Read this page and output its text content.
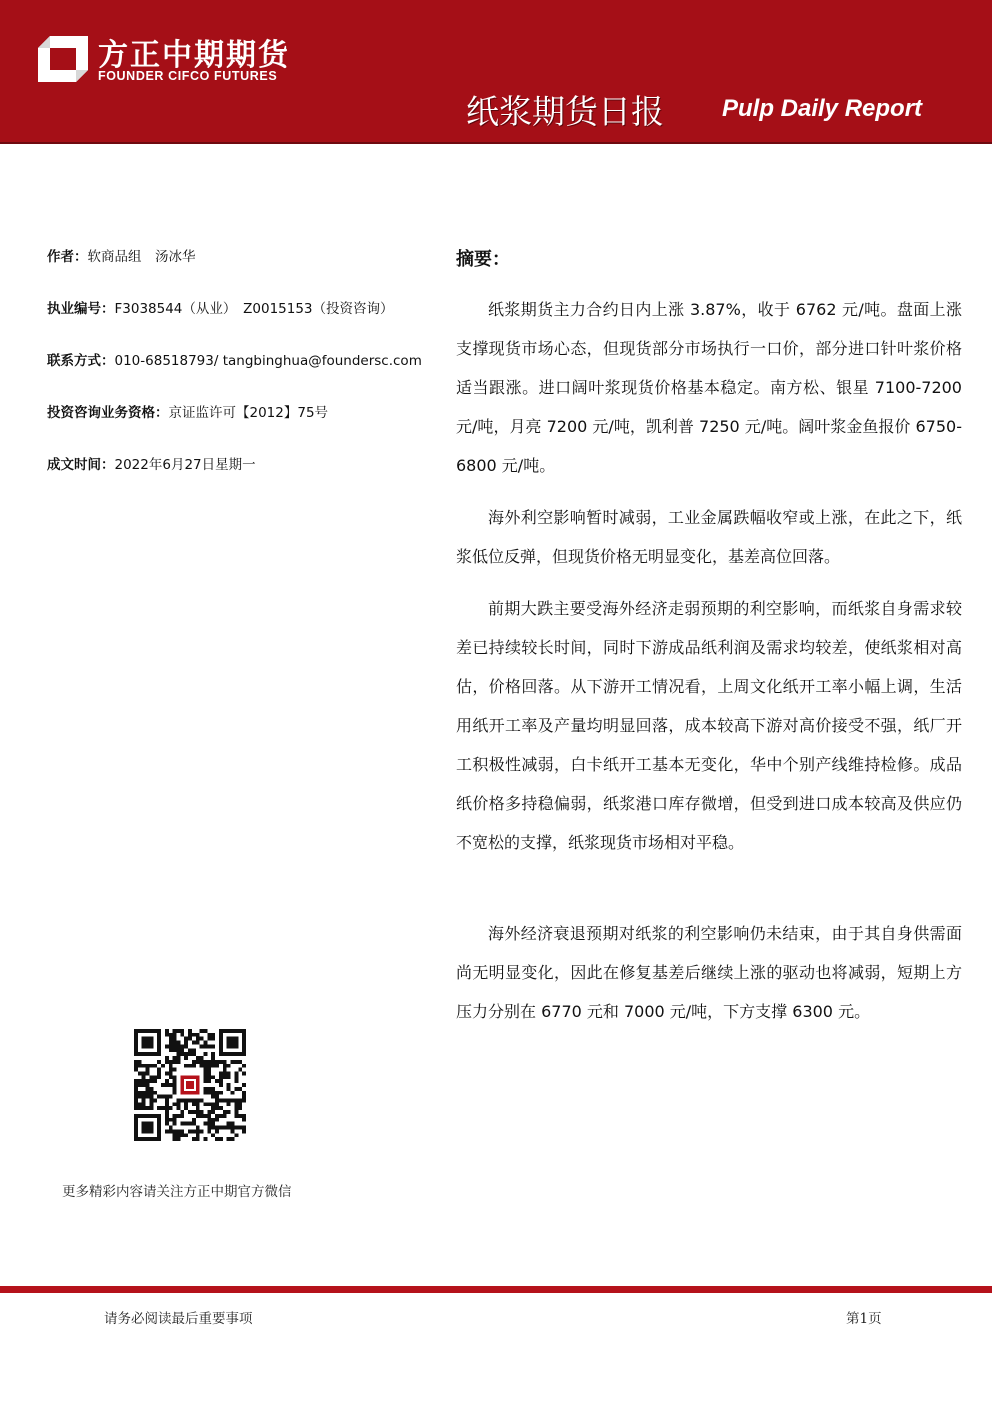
方正中期期货
FOUNDER CIFCO FUTURES
纸浆期货日报 Pulp Daily Report
作者：软商品组　汤冰华
执业编号：F3038544（从业）　Z0015153（投资咨询）
联系方式：010-68518793/ tangbinghua@foundersc.com
投资咨询业务资格：京证监许可【2012】75号
成文时间：2022年6月27日星期一
摘要：

纸浆期货主力合约日内上涨 3.87%，收于 6762 元/吨。盘面上涨支撑现货市场心态，但现货部分市场执行一口价，部分进口针叶浆价格适当跟涨。进口阔叶浆现货价格基本稳定。南方松、银星 7100-7200 元/吨，月亮 7200 元/吨，凯利普 7250 元/吨。阔叶浆金鱼报价 6750-6800 元/吨。

海外利空影响暂时减弱，工业金属跌幅收窄或上涨，在此之下，纸浆低位反弹，但现货价格无明显变化，基差高位回落。

前期大跌主要受海外经济走弱预期的利空影响，而纸浆自身需求较差已持续较长时间，同时下游成品纸利润及需求均较差，使纸浆相对高估，价格回落。从下游开工情况看，上周文化纸开工率小幅上调，生活用纸开工率及产量均明显回落，成本较高下游对高价接受不强，纸厂开工积极性减弱，白卡纸开工基本无变化，华中个别产线维持检修。成品纸价格多持稳偏弱，纸浆港口库存微增，但受到进口成本较高及供应仍不宽松的支撑，纸浆现货市场相对平稳。

海外经济衰退预期对纸浆的利空影响仍未结束，由于其自身供需面尚无明显变化，因此在修复基差后继续上涨的驱动也将减弱，短期上方压力分别在 6770 元和 7000 元/吨，下方支撑 6300 元。

更多精彩内容请关注方正中期官方微信
请务必阅读最后重要事项	第1页
